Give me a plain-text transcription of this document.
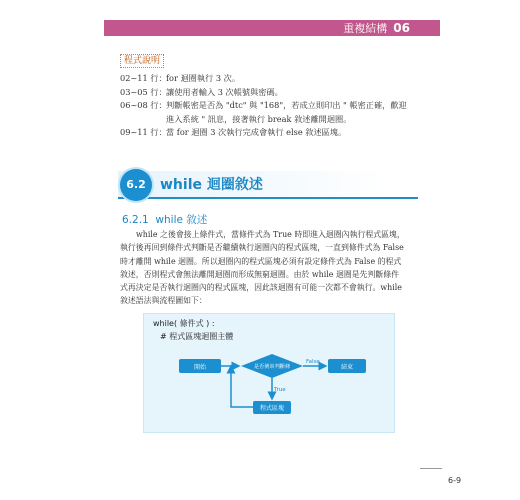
重複結構 06
程式說明
02~11 行： for 迴圈執行 3 次。
03~05 行： 讓使用者輸入 3 次帳號與密碼。
06~08 行： 判斷帳密是否為 "dtc" 與 "168"，若成立則印出 " 帳密正確，歡迎進入系統 " 訊息，接著執行 break 敘述離開迴圈。
09~11 行： 當 for 迴圈 3 次執行完成會執行 else 敘述區塊。
6.2	while 迴圈敘述
6.2.1 while 敘述
while 之後會接上條件式，當條件式為 True 時即進入迴圈內執行程式區塊，執行後再回到條件式判斷是否繼續執行迴圈內的程式區塊，一直到條件式為 False 時才離開 while 迴圈。所以迴圈內的程式區塊必須有設定條件式為 False 的程式敘述，否則程式會無法離開迴圈而形成無窮迴圈。由於 while 迴圈是先判斷條件式再決定是否執行迴圈內的程式區塊，因此該迴圈有可能一次都不會執行。while 敘述語法與流程圖如下：
while( 條件式 ) :
# 程式區塊迴圈主體
開始	是否例串判斷條
False
結束
True
程式區塊
6-9
